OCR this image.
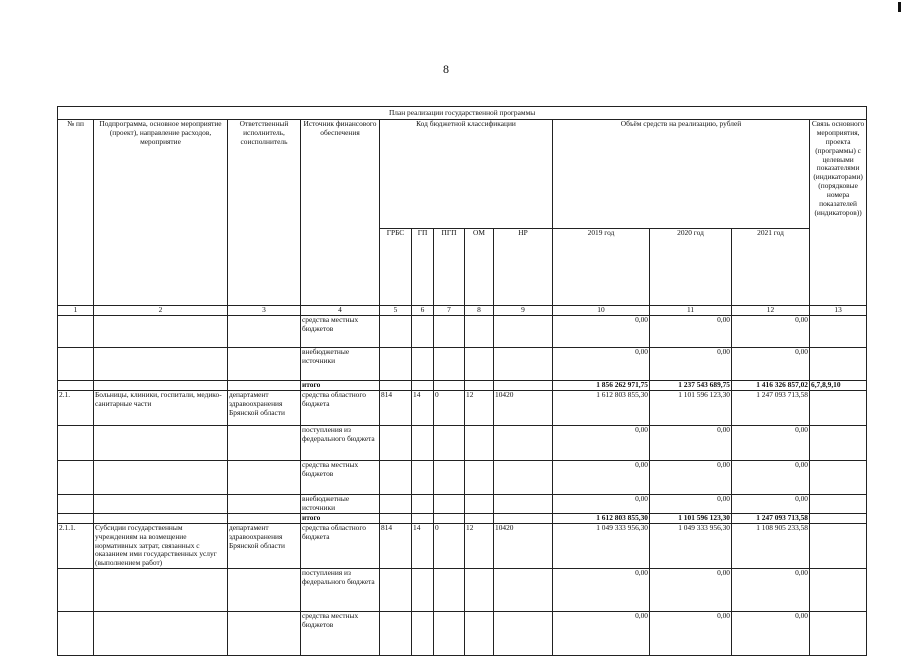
8
План реализации государственной программы												
№ пп	Подпрограмма, основное мероприятие (проект), направление расходов, мероприятие	Ответственный исполнитель, соисполнитель	Источник финансового обеспечения	Код бюджетной классификации					Объём средств на реализацию, рублей			Связь основного мероприятия, проекта (программы) с целевыми показателями (индикаторами) (порядковые номера показателей (индикаторов))
				ГРБС	ГП	ПГП	ОМ	НР	2019 год	2020 год	2021 год	
1	2	3	4	5	6	7	8	9	10	11	12	13
			средства местных бюджетов						0,00	0,00	0,00	
			внебюджетные источники						0,00	0,00	0,00	
			итого						1 856 262 971,75	1 237 543 689,75	1 416 326 857,02	6,7,8,9,10
2.1.	Больницы, клиники, госпитали, медико-санитарные части	департамент здравоохранения Брянской области	средства областного бюджета	814	14	0	12	10420	1 612 803 855,30	1 101 596 123,30	1 247 093 713,58	
			поступления из федерального бюджета						0,00	0,00	0,00	
			средства местных бюджетов						0,00	0,00	0,00	
			внебюджетные источники						0,00	0,00	0,00	
			итого						1 612 803 855,30	1 101 596 123,30	1 247 093 713,58	
2.1.1.	Субсидии государственным учреждениям на возмещение нормативных затрат, связанных с оказанием ими государственных услуг (выполнением работ)	департамент здравоохранения Брянской области	средства областного бюджета	814	14	0	12	10420	1 049 333 956,30	1 049 333 956,30	1 108 905 233,58	
			поступления из федерального бюджета						0,00	0,00	0,00	
			средства местных бюджетов						0,00	0,00	0,00	
